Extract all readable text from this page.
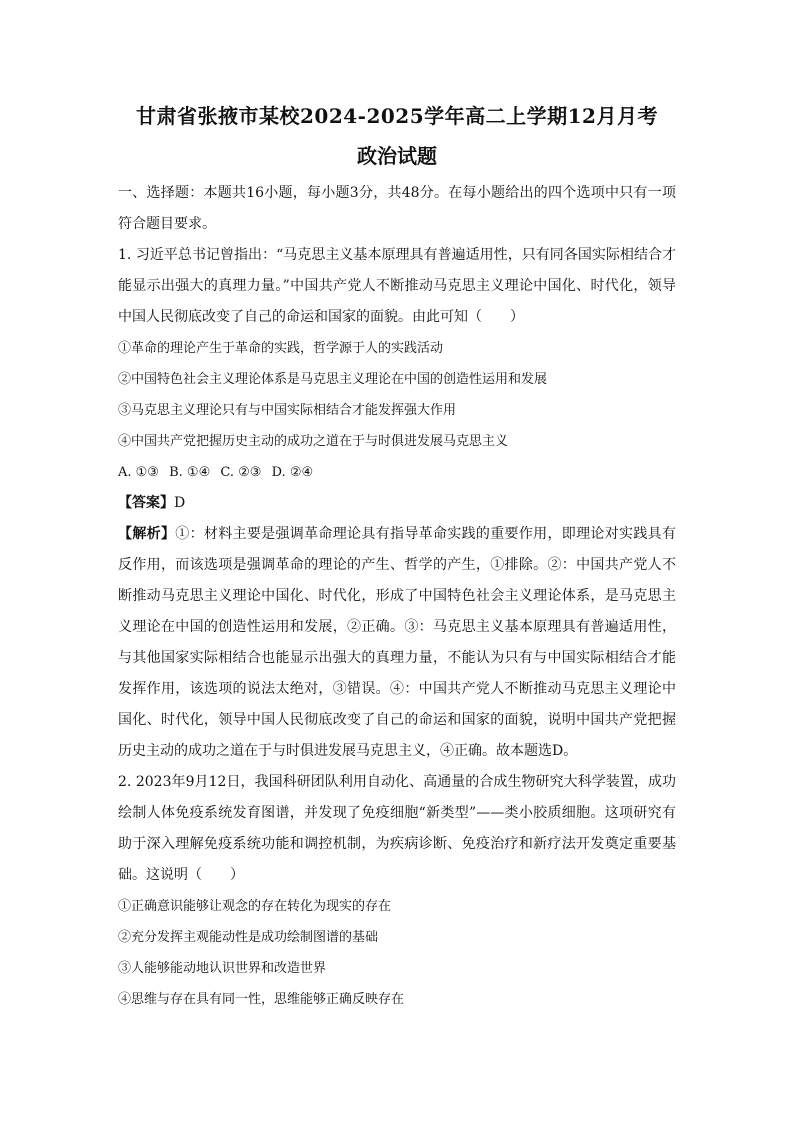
甘肃省张掖市某校2024-2025学年高二上学期12月月考
政治试题

一、选择题：本题共16小题，每小题3分，共48分。在每小题给出的四个选项中只有一项符合题目要求。

1. 习近平总书记曾指出：“马克思主义基本原理具有普遍适用性，只有同各国实际相结合才能显示出强大的真理力量。”中国共产党人不断推动马克思主义理论中国化、时代化，领导中国人民彻底改变了自己的命运和国家的面貌。由此可知（　　）

①革命的理论产生于革命的实践，哲学源于人的实践活动

②中国特色社会主义理论体系是马克思主义理论在中国的创造性运用和发展

③马克思主义理论只有与中国实际相结合才能发挥强大作用

④中国共产党把握历史主动的成功之道在于与时俱进发展马克思主义

A. ①③ B. ①④ C. ②③ D. ②④

【答案】D

【解析】①：材料主要是强调革命理论具有指导革命实践的重要作用，即理论对实践具有反作用，而该选项是强调革命的理论的产生、哲学的产生，①排除。②：中国共产党人不断推动马克思主义理论中国化、时代化，形成了中国特色社会主义理论体系，是马克思主义理论在中国的创造性运用和发展，②正确。③：马克思主义基本原理具有普遍适用性，与其他国家实际相结合也能显示出强大的真理力量，不能认为只有与中国实际相结合才能发挥作用，该选项的说法太绝对，③错误。④：中国共产党人不断推动马克思主义理论中国化、时代化，领导中国人民彻底改变了自己的命运和国家的面貌，说明中国共产党把握历史主动的成功之道在于与时俱进发展马克思主义，④正确。故本题选D。

2. 2023年9月12日，我国科研团队利用自动化、高通量的合成生物研究大科学装置，成功绘制人体免疫系统发育图谱，并发现了免疫细胞“新类型”——类小胶质细胞。这项研究有助于深入理解免疫系统功能和调控机制，为疾病诊断、免疫治疗和新疗法开发奠定重要基础。这说明（　　）

①正确意识能够让观念的存在转化为现实的存在

②充分发挥主观能动性是成功绘制图谱的基础

③人能够能动地认识世界和改造世界

④思维与存在具有同一性，思维能够正确反映存在
